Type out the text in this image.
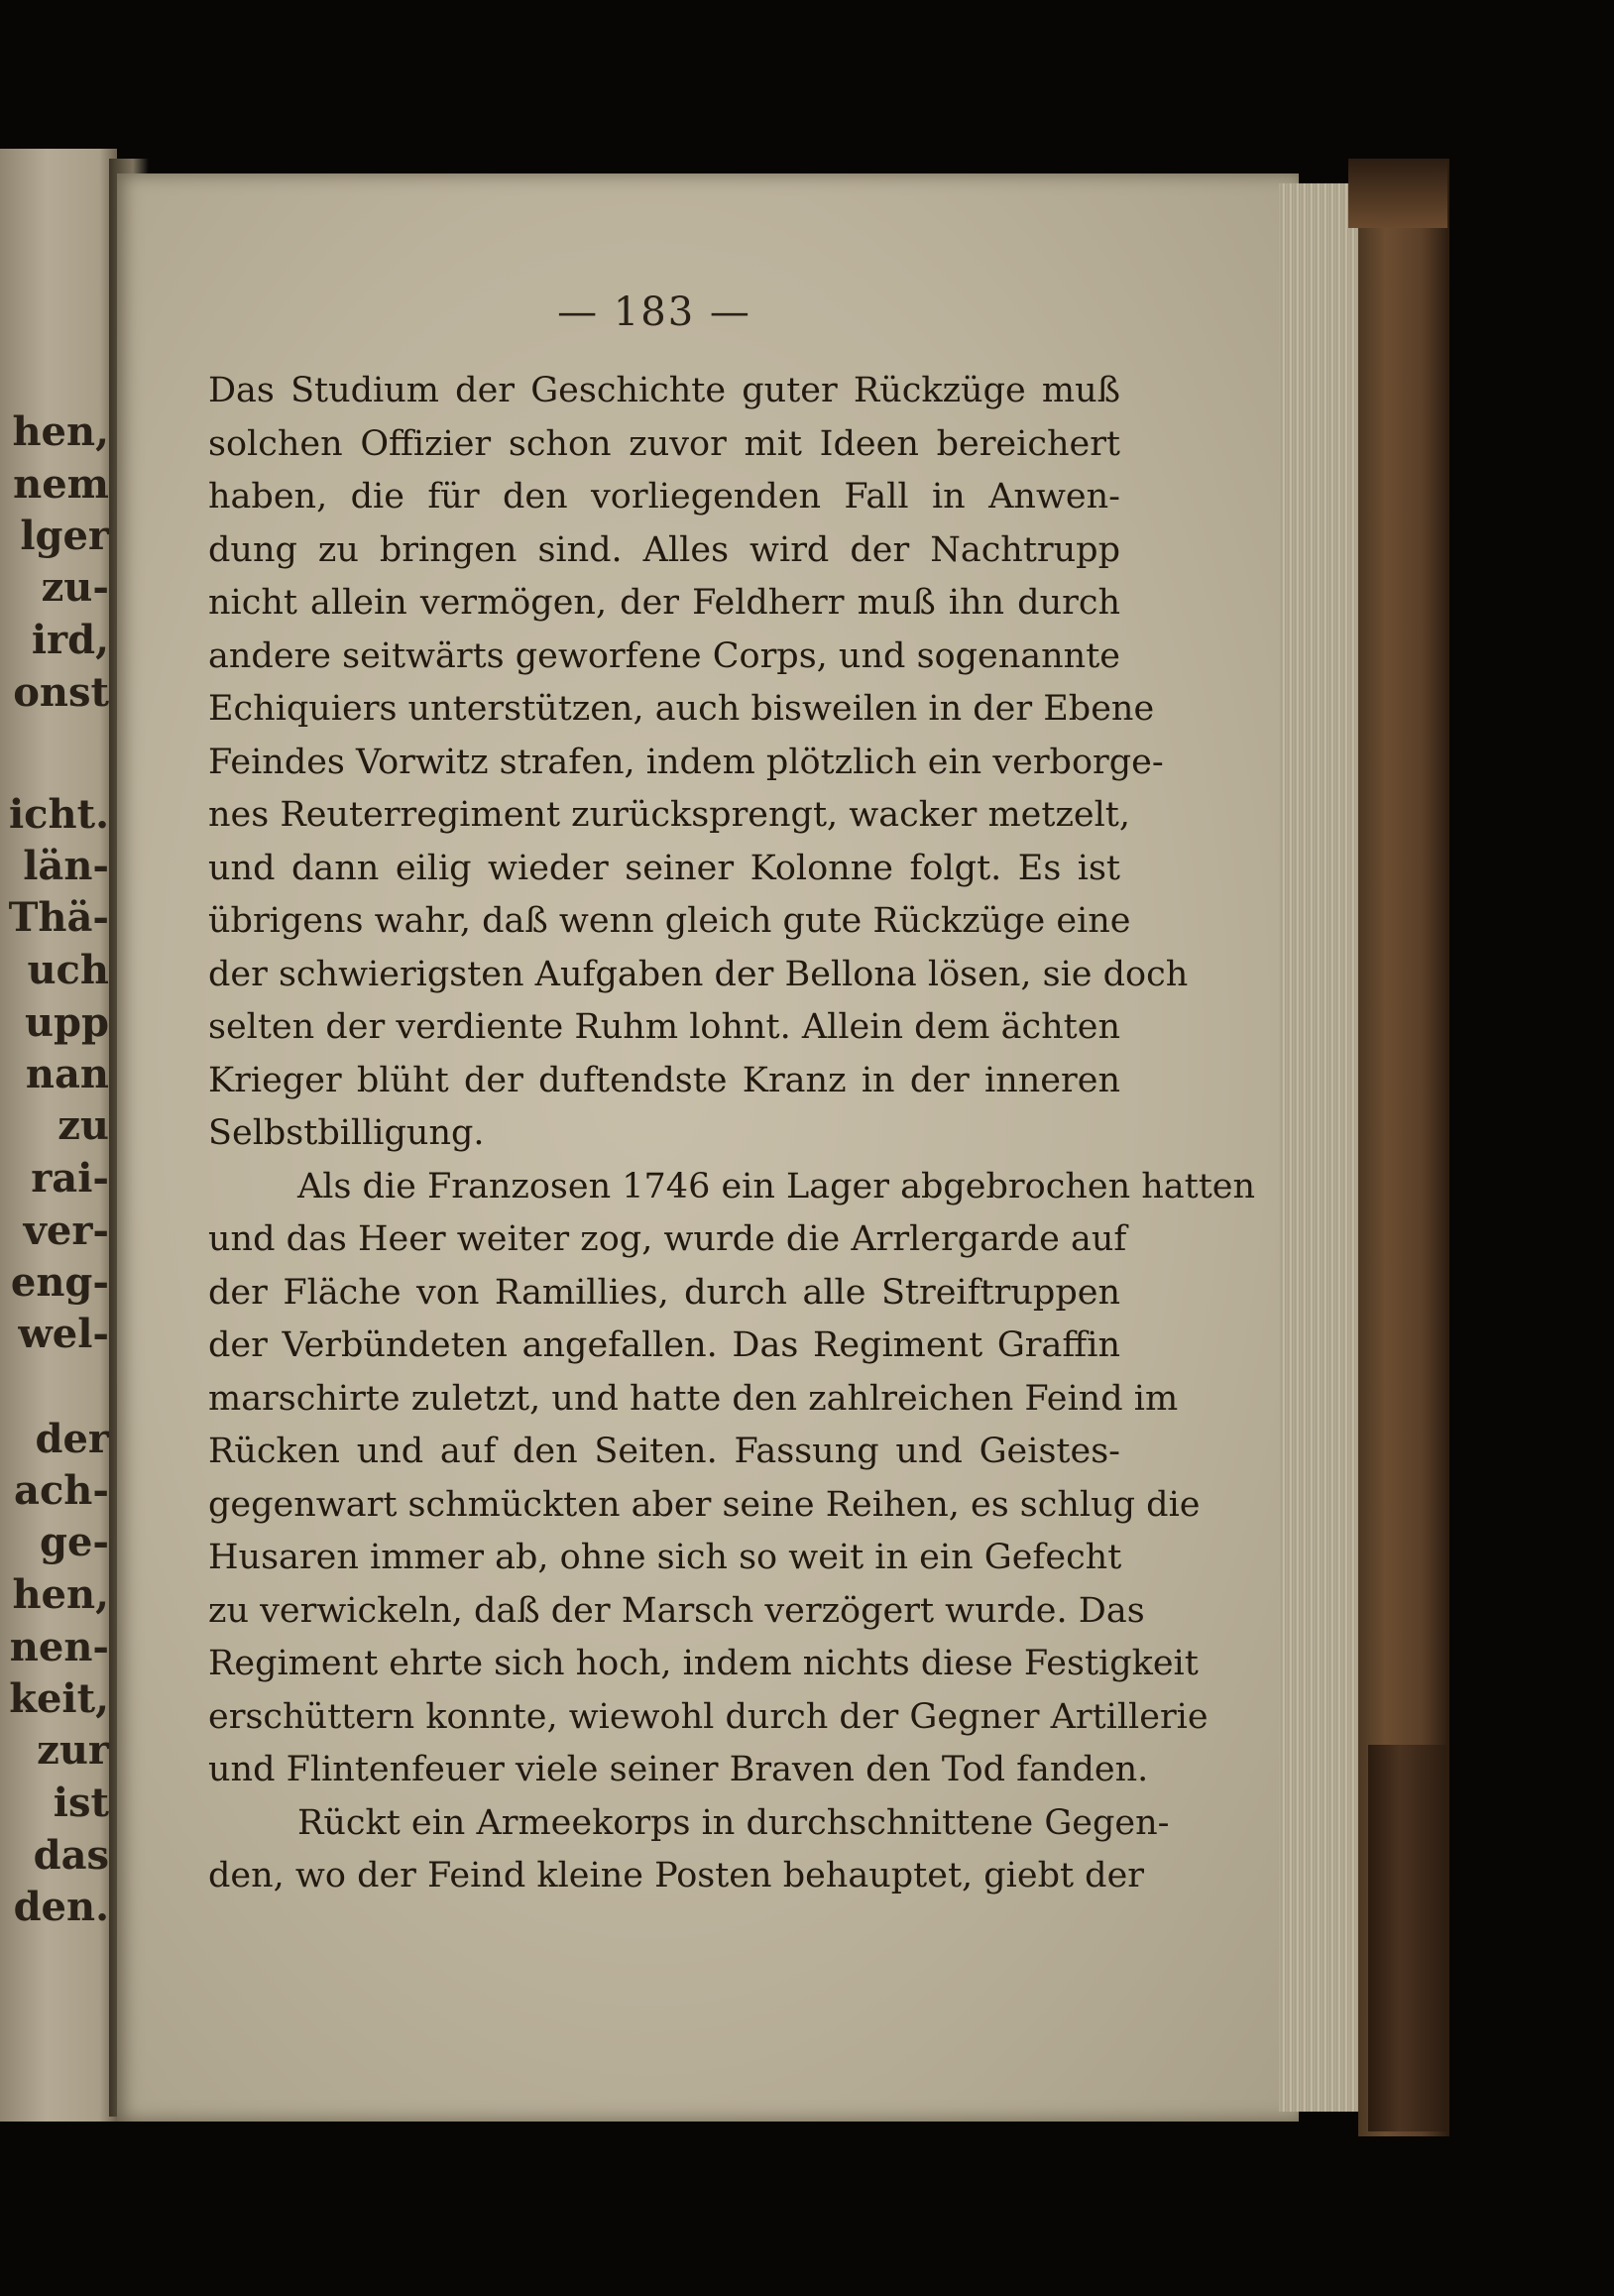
hen,
nem
lger
zu-
ird,
onst
icht.
län-
Thä-
uch
upp
nan
zu
rai-
ver-
eng-
wel-
der
ach-
ge-
hen,
nen-
keit,
zur
ist
das
den.
— 183 —
Das Studium der Geschichte guter Rückzüge muß
solchen Offizier schon zuvor mit Ideen bereichert
haben, die für den vorliegenden Fall in Anwen-
dung zu bringen sind. Alles wird der Nachtrupp
nicht allein vermögen, der Feldherr muß ihn durch
andere seitwärts geworfene Corps, und sogenannte
Echiquiers unterstützen, auch bisweilen in der Ebene
Feindes Vorwitz strafen, indem plötzlich ein verborge-
nes Reuterregiment zurücksprengt, wacker metzelt,
und dann eilig wieder seiner Kolonne folgt. Es ist
übrigens wahr, daß wenn gleich gute Rückzüge eine
der schwierigsten Aufgaben der Bellona lösen, sie doch
selten der verdiente Ruhm lohnt. Allein dem ächten
Krieger blüht der duftendste Kranz in der inneren
Selbstbilligung.
Als die Franzosen 1746 ein Lager abgebrochen hatten
und das Heer weiter zog, wurde die Arrlergarde auf
der Fläche von Ramillies, durch alle Streiftruppen
der Verbündeten angefallen. Das Regiment Graffin
marschirte zuletzt, und hatte den zahlreichen Feind im
Rücken und auf den Seiten. Fassung und Geistes-
gegenwart schmückten aber seine Reihen, es schlug die
Husaren immer ab, ohne sich so weit in ein Gefecht
zu verwickeln, daß der Marsch verzögert wurde. Das
Regiment ehrte sich hoch, indem nichts diese Festigkeit
erschüttern konnte, wiewohl durch der Gegner Artillerie
und Flintenfeuer viele seiner Braven den Tod fanden.
Rückt ein Armeekorps in durchschnittene Gegen-
den, wo der Feind kleine Posten behauptet, giebt der
